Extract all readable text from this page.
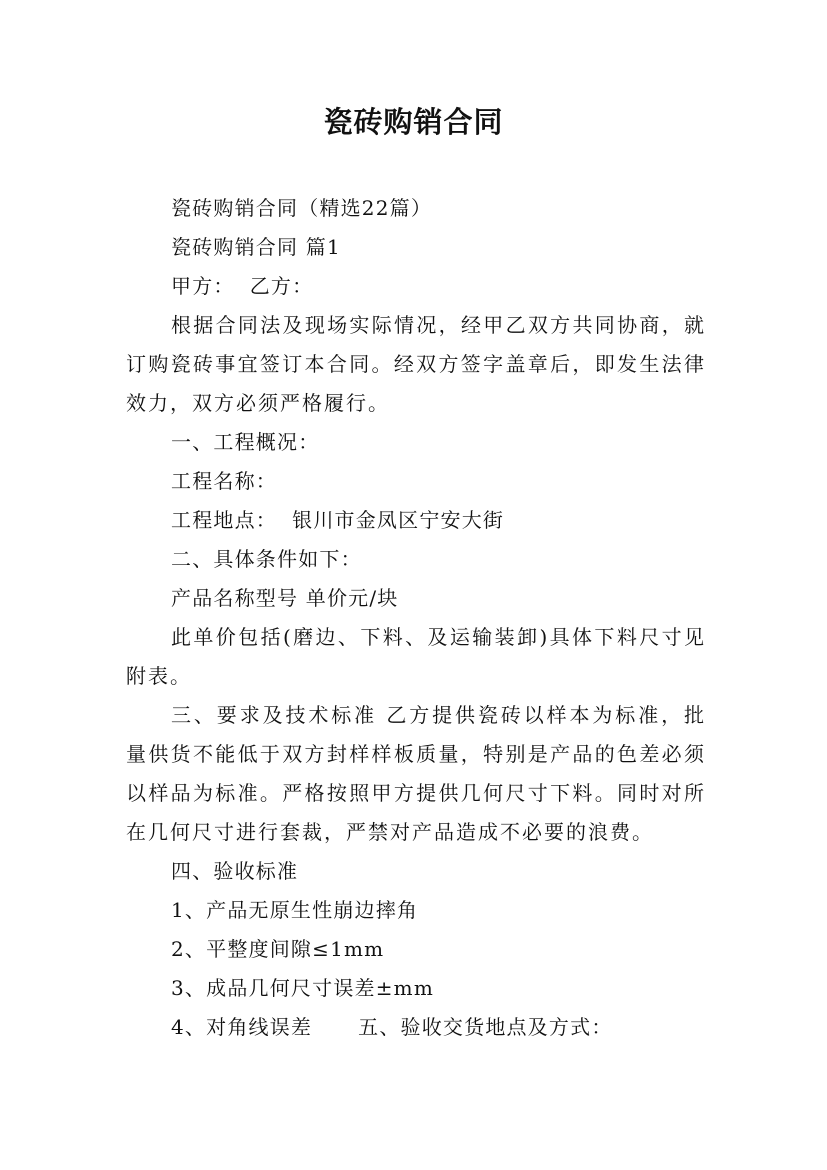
瓷砖购销合同

瓷砖购销合同（精选22篇）

瓷砖购销合同 篇1

甲方：  乙方：

根据合同法及现场实际情况，经甲乙双方共同协商，就订购瓷砖事宜签订本合同。经双方签字盖章后，即发生法律效力，双方必须严格履行。

一、工程概况：

工程名称：

工程地点：  银川市金凤区宁安大街

二、具体条件如下：

产品名称型号 单价元/块

此单价包括(磨边、下料、及运输装卸)具体下料尺寸见附表。

三、要求及技术标准 乙方提供瓷砖以样本为标准，批量供货不能低于双方封样样板质量，特别是产品的色差必须以样品为标准。严格按照甲方提供几何尺寸下料。同时对所在几何尺寸进行套裁，严禁对产品造成不必要的浪费。

四、验收标准

1、产品无原生性崩边摔角

2、平整度间隙≤1mm

3、成品几何尺寸误差±mm

4、对角线误差 五、验收交货地点及方式：
